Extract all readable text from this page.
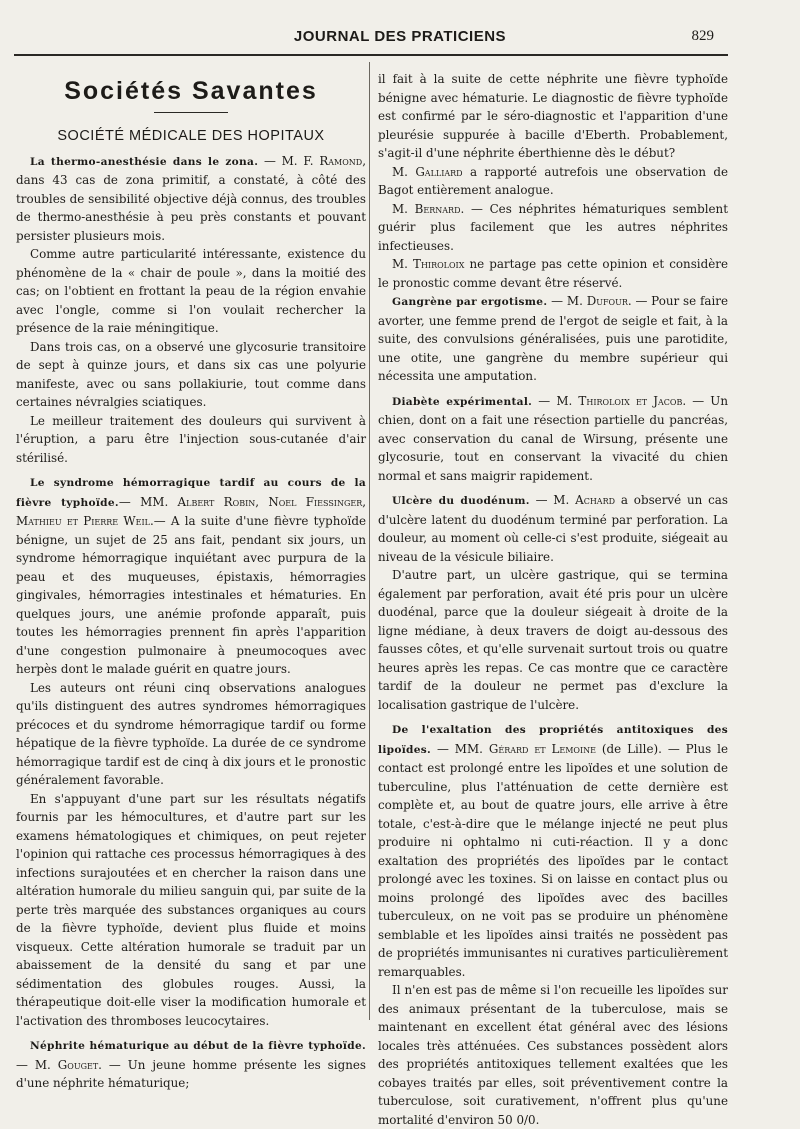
JOURNAL DES PRATICIENS	829
Sociétés Savantes
SOCIÉTÉ MÉDICALE DES HOPITAUX

La thermo-anesthésie dans le zona. — M. F. Ramond, dans 43 cas de zona primitif, a constaté, à côté des troubles de sensibilité objective déjà connus, des troubles de thermo-anesthésie à peu près constants et pouvant persister plusieurs mois.

Comme autre particularité intéressante, existence du phénomène de la « chair de poule », dans la moitié des cas; on l'obtient en frottant la peau de la région envahie avec l'ongle, comme si l'on voulait rechercher la présence de la raie méningitique.

Dans trois cas, on a observé une glycosurie transitoire de sept à quinze jours, et dans six cas une polyurie manifeste, avec ou sans pollakiurie, tout comme dans certaines névralgies sciatiques.

Le meilleur traitement des douleurs qui survivent à l'éruption, a paru être l'injection sous-cutanée d'air stérilisé.

Le syndrome hémorragique tardif au cours de la fièvre typhoïde.— MM. Albert Robin, Noel Fiessinger, Mathieu et Pierre Weil.— A la suite d'une fièvre typhoïde bénigne, un sujet de 25 ans fait, pendant six jours, un syndrome hémorragique inquiétant avec purpura de la peau et des muqueuses, épistaxis, hémorragies gingivales, hémorragies intestinales et hématuries. En quelques jours, une anémie profonde apparaît, puis toutes les hémorragies prennent fin après l'apparition d'une congestion pulmonaire à pneumocoques avec herpès dont le malade guérit en quatre jours.

Les auteurs ont réuni cinq observations analogues qu'ils distinguent des autres syndromes hémorragiques précoces et du syndrome hémorragique tardif ou forme hépatique de la fièvre typhoïde. La durée de ce syndrome hémorragique tardif est de cinq à dix jours et le pronostic généralement favorable.

En s'appuyant d'une part sur les résultats négatifs fournis par les hémocultures, et d'autre part sur les examens hématologiques et chimiques, on peut rejeter l'opinion qui rattache ces processus hémorragiques à des infections surajoutées et en chercher la raison dans une altération humorale du milieu sanguin qui, par suite de la perte très marquée des substances organiques au cours de la fièvre typhoïde, devient plus fluide et moins visqueux. Cette altération humorale se traduit par un abaissement de la densité du sang et par une sédimentation des globules rouges. Aussi, la thérapeutique doit-elle viser la modification humorale et l'activation des thromboses leucocytaires.

Néphrite hématurique au début de la fièvre typhoïde. — M. Gouget. — Un jeune homme présente les signes d'une néphrite hématurique;

il fait à la suite de cette néphrite une fièvre typhoïde bénigne avec hématurie. Le diagnostic de fièvre typhoïde est confirmé par le séro-diagnostic et l'apparition d'une pleurésie suppurée à bacille d'Eberth. Probablement, s'agit-il d'une néphrite éberthienne dès le début?

M. Galliard a rapporté autrefois une observation de Bagot entièrement analogue.

M. Bernard. — Ces néphrites hématuriques semblent guérir plus facilement que les autres néphrites infectieuses.

M. Thiroloix ne partage pas cette opinion et considère le pronostic comme devant être réservé.

Gangrène par ergotisme. — M. Dufour. — Pour se faire avorter, une femme prend de l'ergot de seigle et fait, à la suite, des convulsions généralisées, puis une parotidite, une otite, une gangrène du membre supérieur qui nécessita une amputation.

Diabète expérimental. — M. Thiroloix et Jacob. — Un chien, dont on a fait une résection partielle du pancréas, avec conservation du canal de Wirsung, présente une glycosurie, tout en conservant la vivacité du chien normal et sans maigrir rapidement.

Ulcère du duodénum. — M. Achard a observé un cas d'ulcère latent du duodénum terminé par perforation. La douleur, au moment où celle-ci s'est produite, siégeait au niveau de la vésicule biliaire.

D'autre part, un ulcère gastrique, qui se termina également par perforation, avait été pris pour un ulcère duodénal, parce que la douleur siégeait à droite de la ligne médiane, à deux travers de doigt au-dessous des fausses côtes, et qu'elle survenait surtout trois ou quatre heures après les repas. Ce cas montre que ce caractère tardif de la douleur ne permet pas d'exclure la localisation gastrique de l'ulcère.

De l'exaltation des propriétés antitoxiques des lipoïdes. — MM. Gérard et Lemoine (de Lille). — Plus le contact est prolongé entre les lipoïdes et une solution de tuberculine, plus l'atténuation de cette dernière est complète et, au bout de quatre jours, elle arrive à être totale, c'est-à-dire que le mélange injecté ne peut plus produire ni ophtalmo ni cuti-réaction. Il y a donc exaltation des propriétés des lipoïdes par le contact prolongé avec les toxines. Si on laisse en contact plus ou moins prolongé des lipoïdes avec des bacilles tuberculeux, on ne voit pas se produire un phénomène semblable et les lipoïdes ainsi traités ne possèdent pas de propriétés immunisantes ni curatives particulièrement remarquables.

Il n'en est pas de même si l'on recueille les lipoïdes sur des animaux présentant de la tuberculose, mais se maintenant en excellent état général avec des lésions locales très atténuées. Ces substances possèdent alors des propriétés antitoxiques tellement exaltées que les cobayes traités par elles, soit préventivement contre la tuberculose, soit curativement, n'offrent plus qu'une mortalité d'environ 50 0/0.
